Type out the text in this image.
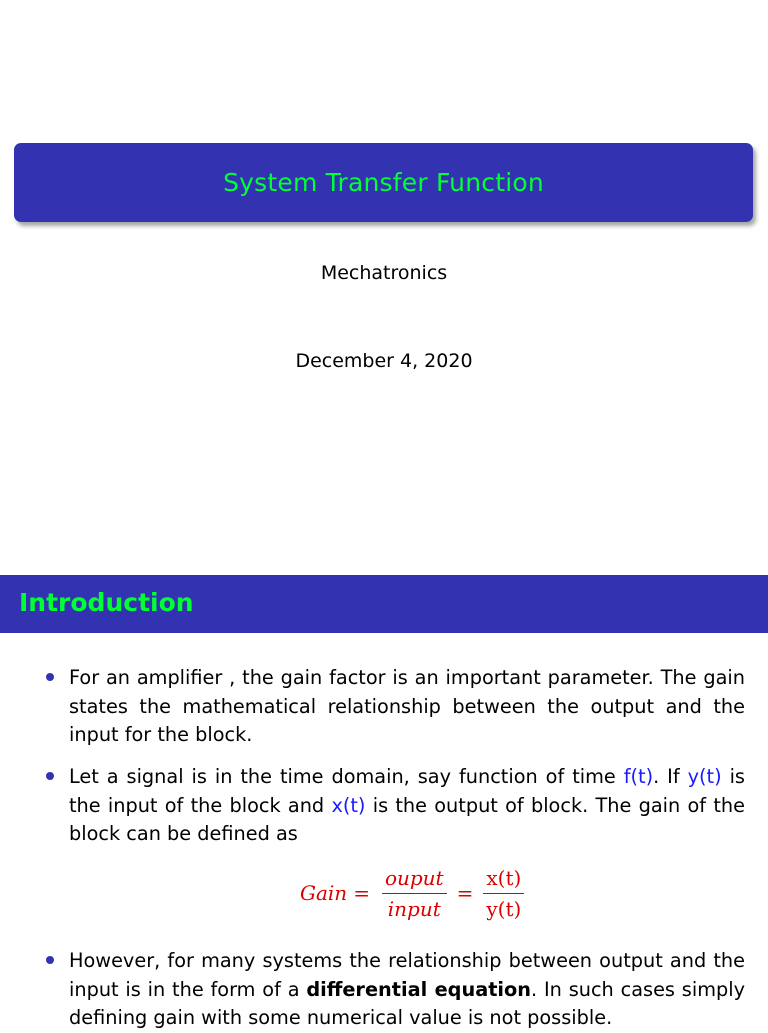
System Transfer Function
Mechatronics
December 4, 2020
Introduction
For an amplifier , the gain factor is an important parameter. The gain states the mathematical relationship between the output and the input for the block.
Let a signal is in the time domain, say function of time f(t). If y(t) is the input of the block and x(t) is the output of block. The gain of the block can be defined as
Gain = $\frac{\text{ouput}}{\text{input}} = \frac{x(t)}{y(t)}$
However, for many systems the relationship between output and the input is in the form of a differential equation. In such cases simply defining gain with some numerical value is not possible.
